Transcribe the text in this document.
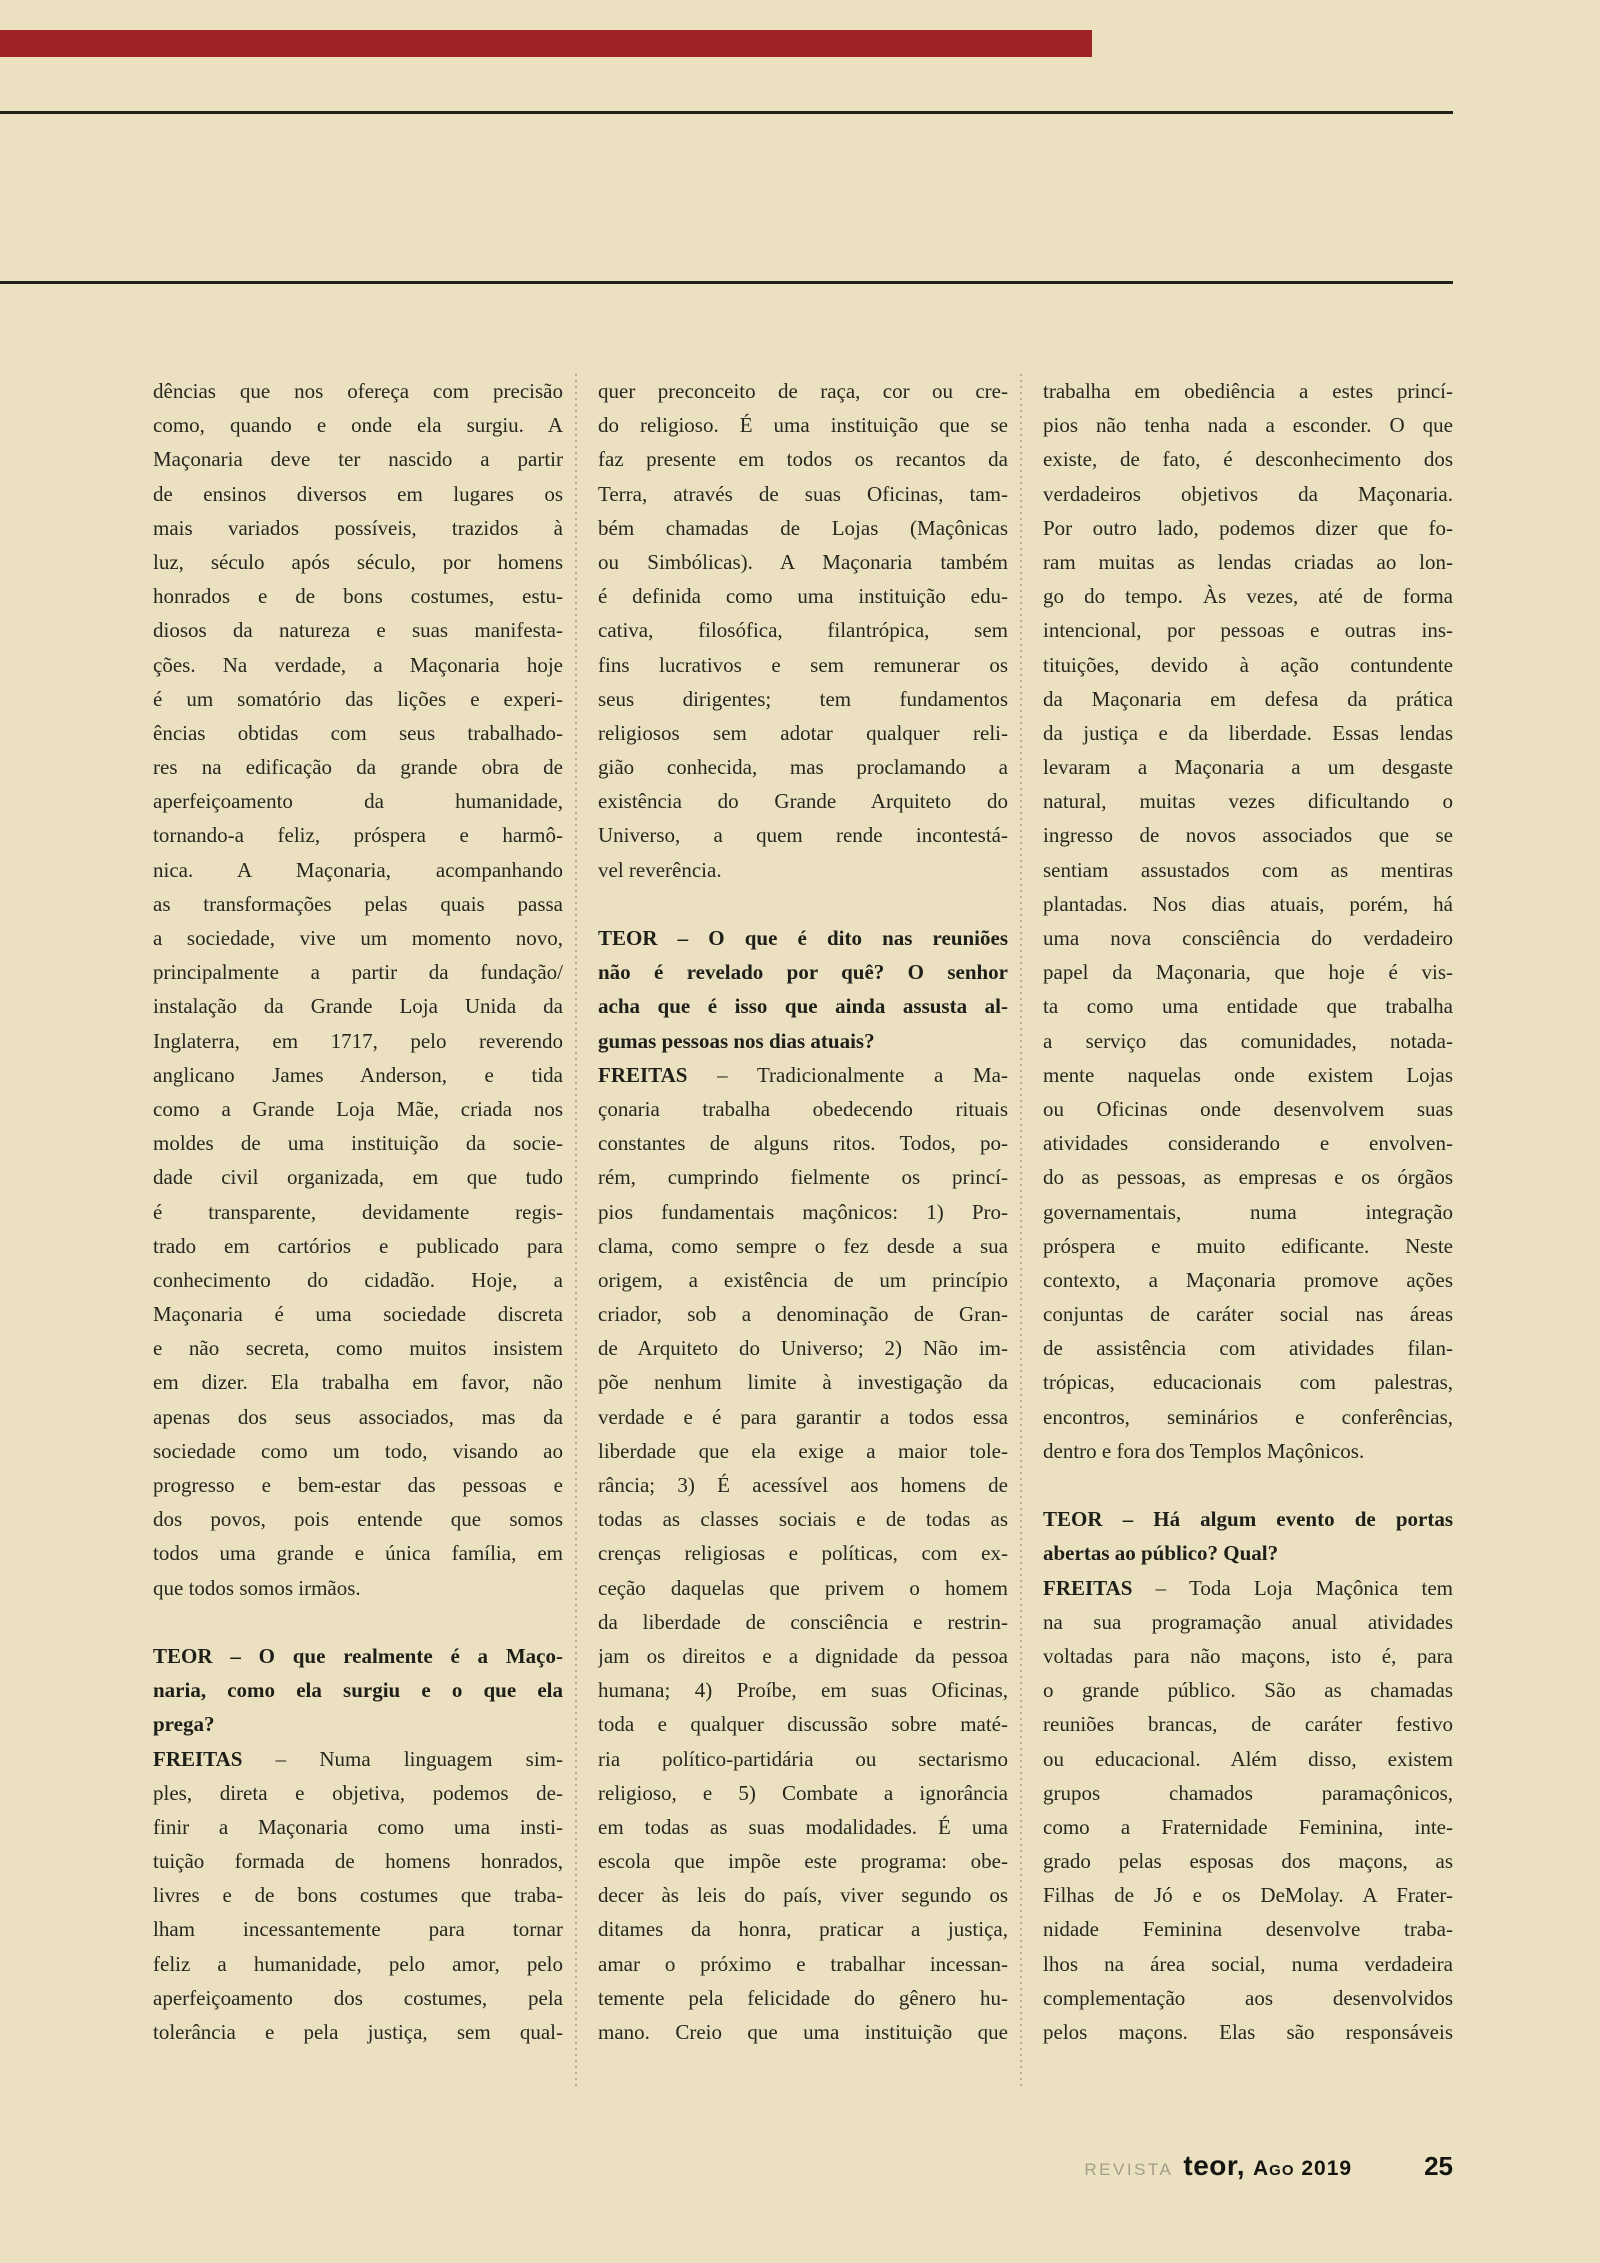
dências que nos ofereça com precisão
como, quando e onde ela surgiu. A
Maçonaria deve ter nascido a partir
de ensinos diversos em lugares os
mais variados possíveis, trazidos à
luz, século após século, por homens
honrados e de bons costumes, estu-
diosos da natureza e suas manifesta-
ções. Na verdade, a Maçonaria hoje
é um somatório das lições e experi-
ências obtidas com seus trabalhado-
res na edificação da grande obra de
aperfeiçoamento da humanidade,
tornando-a feliz, próspera e harmô-
nica. A Maçonaria, acompanhando
as transformações pelas quais passa
a sociedade, vive um momento novo,
principalmente a partir da fundação/
instalação da Grande Loja Unida da
Inglaterra, em 1717, pelo reverendo
anglicano James Anderson, e tida
como a Grande Loja Mãe, criada nos
moldes de uma instituição da socie-
dade civil organizada, em que tudo
é transparente, devidamente regis-
trado em cartórios e publicado para
conhecimento do cidadão. Hoje, a
Maçonaria é uma sociedade discreta
e não secreta, como muitos insistem
em dizer. Ela trabalha em favor, não
apenas dos seus associados, mas da
sociedade como um todo, visando ao
progresso e bem-estar das pessoas e
dos povos, pois entende que somos
todos uma grande e única família, em
que todos somos irmãos.
TEOR – O que realmente é a Maço-
naria, como ela surgiu e o que ela
prega?
FREITAS – Numa linguagem sim-
ples, direta e objetiva, podemos de-
finir a Maçonaria como uma insti-
tuição formada de homens honrados,
livres e de bons costumes que traba-
lham incessantemente para tornar
feliz a humanidade, pelo amor, pelo
aperfeiçoamento dos costumes, pela
tolerância e pela justiça, sem qual-
quer preconceito de raça, cor ou cre-
do religioso. É uma instituição que se
faz presente em todos os recantos da
Terra, através de suas Oficinas, tam-
bém chamadas de Lojas (Maçônicas
ou Simbólicas). A Maçonaria também
é definida como uma instituição edu-
cativa, filosófica, filantrópica, sem
fins lucrativos e sem remunerar os
seus dirigentes; tem fundamentos
religiosos sem adotar qualquer reli-
gião conhecida, mas proclamando a
existência do Grande Arquiteto do
Universo, a quem rende incontestá-
vel reverência.
TEOR – O que é dito nas reuniões
não é revelado por quê? O senhor
acha que é isso que ainda assusta al-
gumas pessoas nos dias atuais?
FREITAS – Tradicionalmente a Ma-
çonaria trabalha obedecendo rituais
constantes de alguns ritos. Todos, po-
rém, cumprindo fielmente os princí-
pios fundamentais maçônicos: 1) Pro-
clama, como sempre o fez desde a sua
origem, a existência de um princípio
criador, sob a denominação de Gran-
de Arquiteto do Universo; 2) Não im-
põe nenhum limite à investigação da
verdade e é para garantir a todos essa
liberdade que ela exige a maior tole-
rância; 3) É acessível aos homens de
todas as classes sociais e de todas as
crenças religiosas e políticas, com ex-
ceção daquelas que privem o homem
da liberdade de consciência e restrin-
jam os direitos e a dignidade da pessoa
humana; 4) Proíbe, em suas Oficinas,
toda e qualquer discussão sobre maté-
ria político-partidária ou sectarismo
religioso, e 5) Combate a ignorância
em todas as suas modalidades. É uma
escola que impõe este programa: obe-
decer às leis do país, viver segundo os
ditames da honra, praticar a justiça,
amar o próximo e trabalhar incessan-
temente pela felicidade do gênero hu-
mano. Creio que uma instituição que
trabalha em obediência a estes princí-
pios não tenha nada a esconder. O que
existe, de fato, é desconhecimento dos
verdadeiros objetivos da Maçonaria.
Por outro lado, podemos dizer que fo-
ram muitas as lendas criadas ao lon-
go do tempo. Às vezes, até de forma
intencional, por pessoas e outras ins-
tituições, devido à ação contundente
da Maçonaria em defesa da prática
da justiça e da liberdade. Essas lendas
levaram a Maçonaria a um desgaste
natural, muitas vezes dificultando o
ingresso de novos associados que se
sentiam assustados com as mentiras
plantadas. Nos dias atuais, porém, há
uma nova consciência do verdadeiro
papel da Maçonaria, que hoje é vis-
ta como uma entidade que trabalha
a serviço das comunidades, notada-
mente naquelas onde existem Lojas
ou Oficinas onde desenvolvem suas
atividades considerando e envolven-
do as pessoas, as empresas e os órgãos
governamentais, numa integração
próspera e muito edificante. Neste
contexto, a Maçonaria promove ações
conjuntas de caráter social nas áreas
de assistência com atividades filan-
trópicas, educacionais com palestras,
encontros, seminários e conferências,
dentro e fora dos Templos Maçônicos.
TEOR – Há algum evento de portas
abertas ao público? Qual?
FREITAS – Toda Loja Maçônica tem
na sua programação anual atividades
voltadas para não maçons, isto é, para
o grande público. São as chamadas
reuniões brancas, de caráter festivo
ou educacional. Além disso, existem
grupos chamados paramaçônicos,
como a Fraternidade Feminina, inte-
grado pelas esposas dos maçons, as
Filhas de Jó e os DeMolay. A Frater-
nidade Feminina desenvolve traba-
lhos na área social, numa verdadeira
complementação aos desenvolvidos
pelos maçons. Elas são responsáveis
REVISTA teor, Ago 2019	25
